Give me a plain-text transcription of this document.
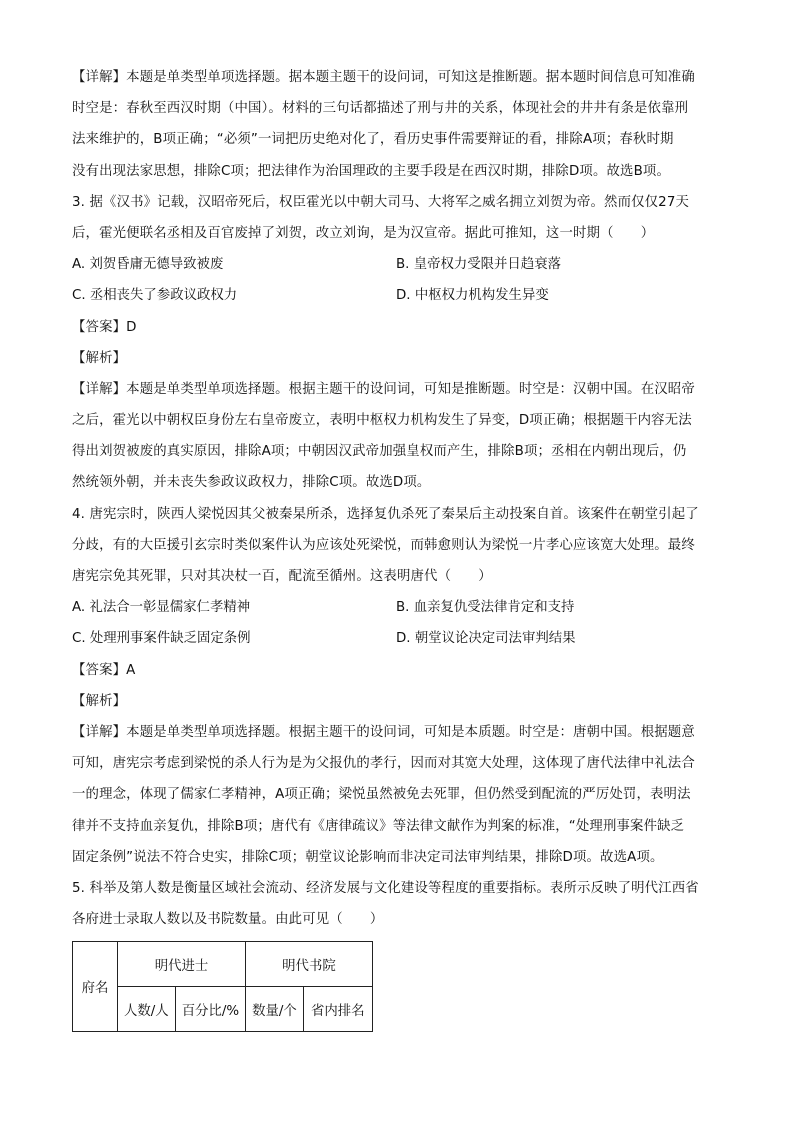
【详解】本题是单类型单项选择题。据本题主题干的设问词，可知这是推断题。据本题时间信息可知准确
时空是：春秋至西汉时期（中国）。材料的三句话都描述了刑与井的关系，体现社会的井井有条是依靠刑
法来维护的，B项正确；“必须”一词把历史绝对化了，看历史事件需要辩证的看，排除A项；春秋时期
没有出现法家思想，排除C项；把法律作为治国理政的主要手段是在西汉时期，排除D项。故选B项。
3. 据《汉书》记载，汉昭帝死后，权臣霍光以中朝大司马、大将军之威名拥立刘贺为帝。然而仅仅27天
后，霍光便联名丞相及百官废掉了刘贺，改立刘询，是为汉宣帝。据此可推知，这一时期（　　）
A. 刘贺昏庸无德导致被废	B. 皇帝权力受限并日趋衰落
C. 丞相丧失了参政议政权力	D. 中枢权力机构发生异变
【答案】D
【解析】
【详解】本题是单类型单项选择题。根据主题干的设问词，可知是推断题。时空是：汉朝中国。在汉昭帝
之后，霍光以中朝权臣身份左右皇帝废立，表明中枢权力机构发生了异变，D项正确；根据题干内容无法
得出刘贺被废的真实原因，排除A项；中朝因汉武帝加强皇权而产生，排除B项；丞相在内朝出现后，仍
然统领外朝，并未丧失参政议政权力，排除C项。故选D项。
4. 唐宪宗时，陕西人梁悦因其父被秦杲所杀，选择复仇杀死了秦杲后主动投案自首。该案件在朝堂引起了
分歧，有的大臣援引玄宗时类似案件认为应该处死梁悦，而韩愈则认为梁悦一片孝心应该宽大处理。最终
唐宪宗免其死罪，只对其决杖一百，配流至循州。这表明唐代（　　）
A. 礼法合一彰显儒家仁孝精神	B. 血亲复仇受法律肯定和支持
C. 处理刑事案件缺乏固定条例	D. 朝堂议论决定司法审判结果
【答案】A
【解析】
【详解】本题是单类型单项选择题。根据主题干的设问词，可知是本质题。时空是：唐朝中国。根据题意
可知，唐宪宗考虑到梁悦的杀人行为是为父报仇的孝行，因而对其宽大处理，这体现了唐代法律中礼法合
一的理念，体现了儒家仁孝精神，A项正确；梁悦虽然被免去死罪，但仍然受到配流的严厉处罚，表明法
律并不支持血亲复仇，排除B项；唐代有《唐律疏议》等法律文献作为判案的标准，“处理刑事案件缺乏
固定条例”说法不符合史实，排除C项；朝堂议论影响而非决定司法审判结果，排除D项。故选A项。
5. 科举及第人数是衡量区域社会流动、经济发展与文化建设等程度的重要指标。表所示反映了明代江西省
各府进士录取人数以及书院数量。由此可见（　　）
府名	明代进士		明代书院	
	人数/人	百分比/%	数量/个	省内排名
